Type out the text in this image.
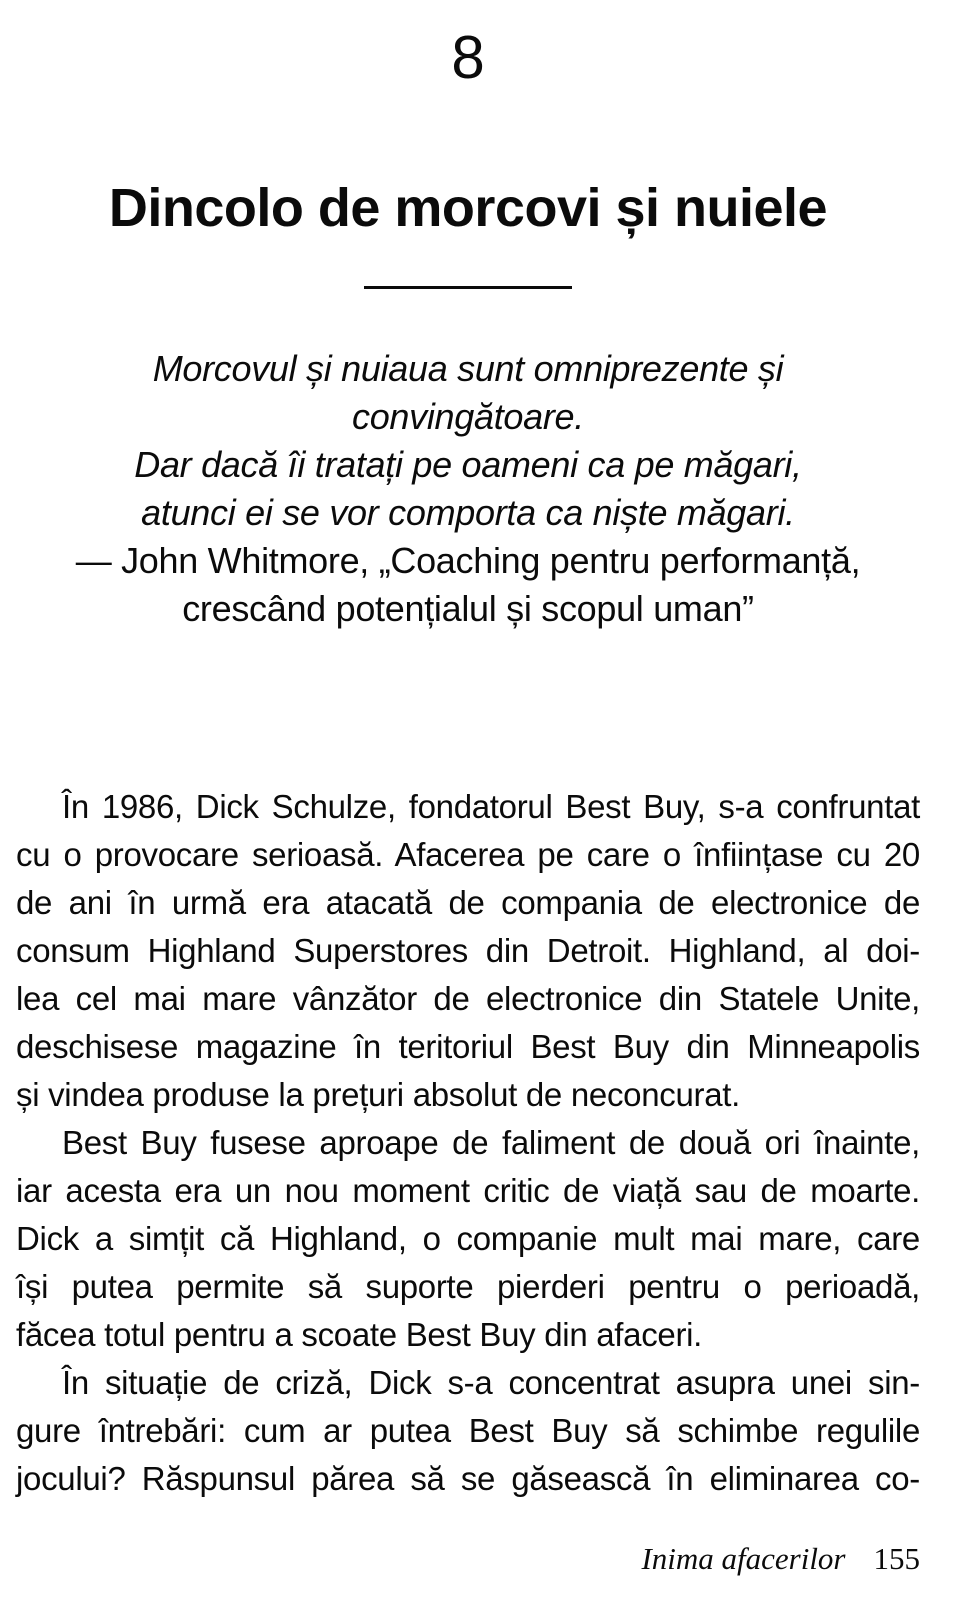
8
Dincolo de morcovi și nuiele
Morcovul și nuiaua sunt omniprezente și
convingătoare.
Dar dacă îi tratați pe oameni ca pe măgari,
atunci ei se vor comporta ca niște măgari.
— John Whitmore, „Coaching pentru performanță,
crescând potențialul și scopul uman”
În 1986, Dick Schulze, fondatorul Best Buy, s-a confruntat
cu o provocare serioasă. Afacerea pe care o înființase cu 20
de ani în urmă era atacată de compania de electronice de
consum Highland Superstores din Detroit. Highland, al doi-
lea cel mai mare vânzător de electronice din Statele Unite,
deschisese magazine în teritoriul Best Buy din Minneapolis
și vindea produse la prețuri absolut de neconcurat.
Best Buy fusese aproape de faliment de două ori înainte,
iar acesta era un nou moment critic de viață sau de moarte.
Dick a simțit că Highland, o companie mult mai mare, care
își putea permite să suporte pierderi pentru o perioadă,
făcea totul pentru a scoate Best Buy din afaceri.
În situație de criză, Dick s-a concentrat asupra unei sin-
gure întrebări: cum ar putea Best Buy să schimbe regulile
jocului? Răspunsul părea să se găsească în eliminarea co-
Inima afacerilor 155
